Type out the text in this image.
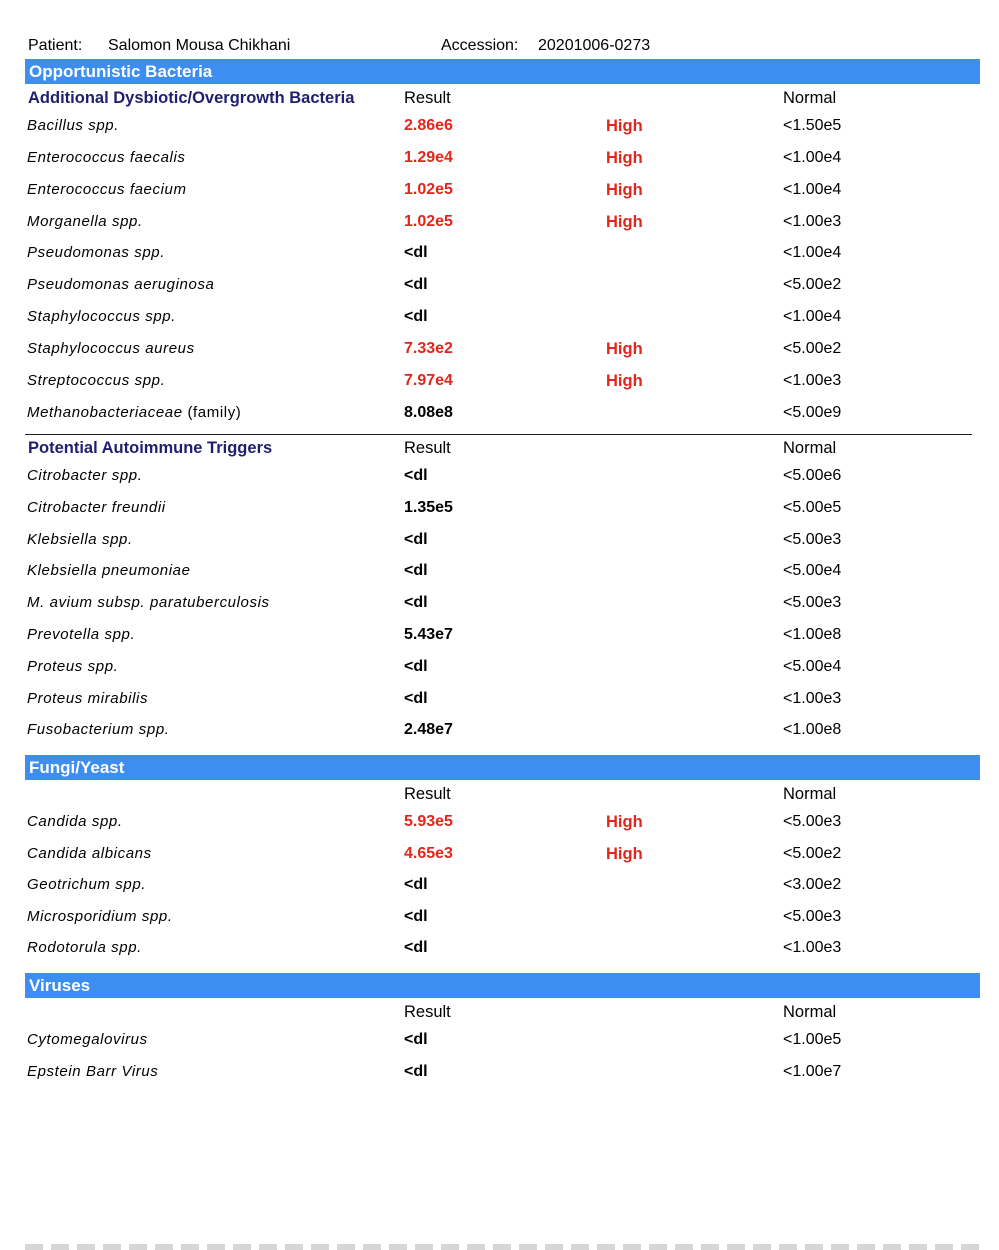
Patient: Salomon Mousa Chikhani	Accession: 20201006-0273
Opportunistic Bacteria
Additional Dysbiotic/Overgrowth Bacteria	Result	Normal
Bacillus spp.	2.86e6	High	<1.50e5
Enterococcus faecalis	1.29e4	High	<1.00e4
Enterococcus faecium	1.02e5	High	<1.00e4
Morganella spp.	1.02e5	High	<1.00e3
Pseudomonas spp.	<dl	<1.00e4
Pseudomonas aeruginosa	<dl	<5.00e2
Staphylococcus spp.	<dl	<1.00e4
Staphylococcus aureus	7.33e2	High	<5.00e2
Streptococcus spp.	7.97e4	High	<1.00e3
Methanobacteriaceae (family)	8.08e8	<5.00e9
Potential Autoimmune Triggers	Result	Normal
Citrobacter spp.	<dl	<5.00e6
Citrobacter freundii	1.35e5	<5.00e5
Klebsiella spp.	<dl	<5.00e3
Klebsiella pneumoniae	<dl	<5.00e4
M. avium subsp. paratuberculosis	<dl	<5.00e3
Prevotella spp.	5.43e7	<1.00e8
Proteus spp.	<dl	<5.00e4
Proteus mirabilis	<dl	<1.00e3
Fusobacterium spp.	2.48e7	<1.00e8
Fungi/Yeast
Result	Normal
Candida spp.	5.93e5	High	<5.00e3
Candida albicans	4.65e3	High	<5.00e2
Geotrichum spp.	<dl	<3.00e2
Microsporidium spp.	<dl	<5.00e3
Rodotorula spp.	<dl	<1.00e3
Viruses
Result	Normal
Cytomegalovirus	<dl	<1.00e5
Epstein Barr Virus	<dl	<1.00e7
